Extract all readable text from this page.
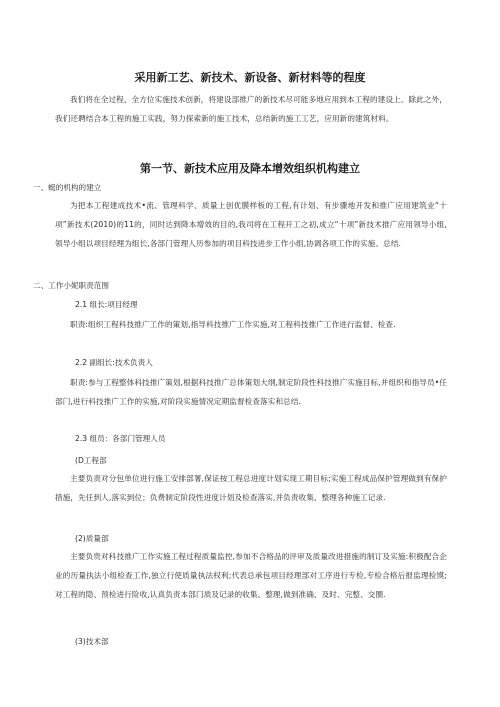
采用新工艺、新技术、新设备、新材料等的程度

我们将在全过程、全方位实施技术创新，将建设部推广的新技术尽可能多地应用到本工程的建设上。除此之外，我们还聘结合本工程的施工实践，努力探索新的施工技术，总结新的施工工艺，应用新的建筑材料。

第一节、新技术应用及降本增效组织机构建立
一、蜓的机构的建立

为把本工程建成技术•流、管理科学、质量上创优膜样板的工程,有计划、有步骤地开发和推广应用建筑业“十项”新技术(2010)的11的，同时达到降本增效的目的,我司将在工程开工之初,成立“十项”新技术推广应用领导小组,领导小组以项目经理为组长,各部门管理人历参加的项目科技进步工作小组,协调各项工作的实施、总结.

二、工作小妮职责范围
2.1 组长:项目经理

职责:组织工程科技推广工作的策划,指导科技推广工作实施,对工程科技推广工作进行监督、检查.

2.2 副组长:技术负责人

职责:参与工程整体科技推广策划,根据科技推广总体策划大纲,制定阶段性科技推广实施目标,并组织和指导员•任部门,进行科技推广工作的实施,对阶段实施情况定期监督检查落实和总结.

2.3 组员：各部门管理人员
(D工程部

主要负责对分包单位进行施工安排部署,保证按工程总进度计划实现工期目标;实施工程成品保护管理做到有保护措施，先任到人,落实到位；负费制定阶段性进度计划及检查落实,并负责收集、整理各种施工记录.

(2)质量部

主要负贵对科技推广工作实施工程过程质量监控,参加不合格品的评审及质量改进措施的制订及实施:积极配合企业的历量执法小组检查工作,独立行使质量执法权利;代表总承包项目经理部对工序进行专检,专检合格后报监理检馍;对工程的隐、预检进行险收,认真负责本部门质及记录的收集、整理,做到准确、及时、完整、交圈.

(3)技术部
